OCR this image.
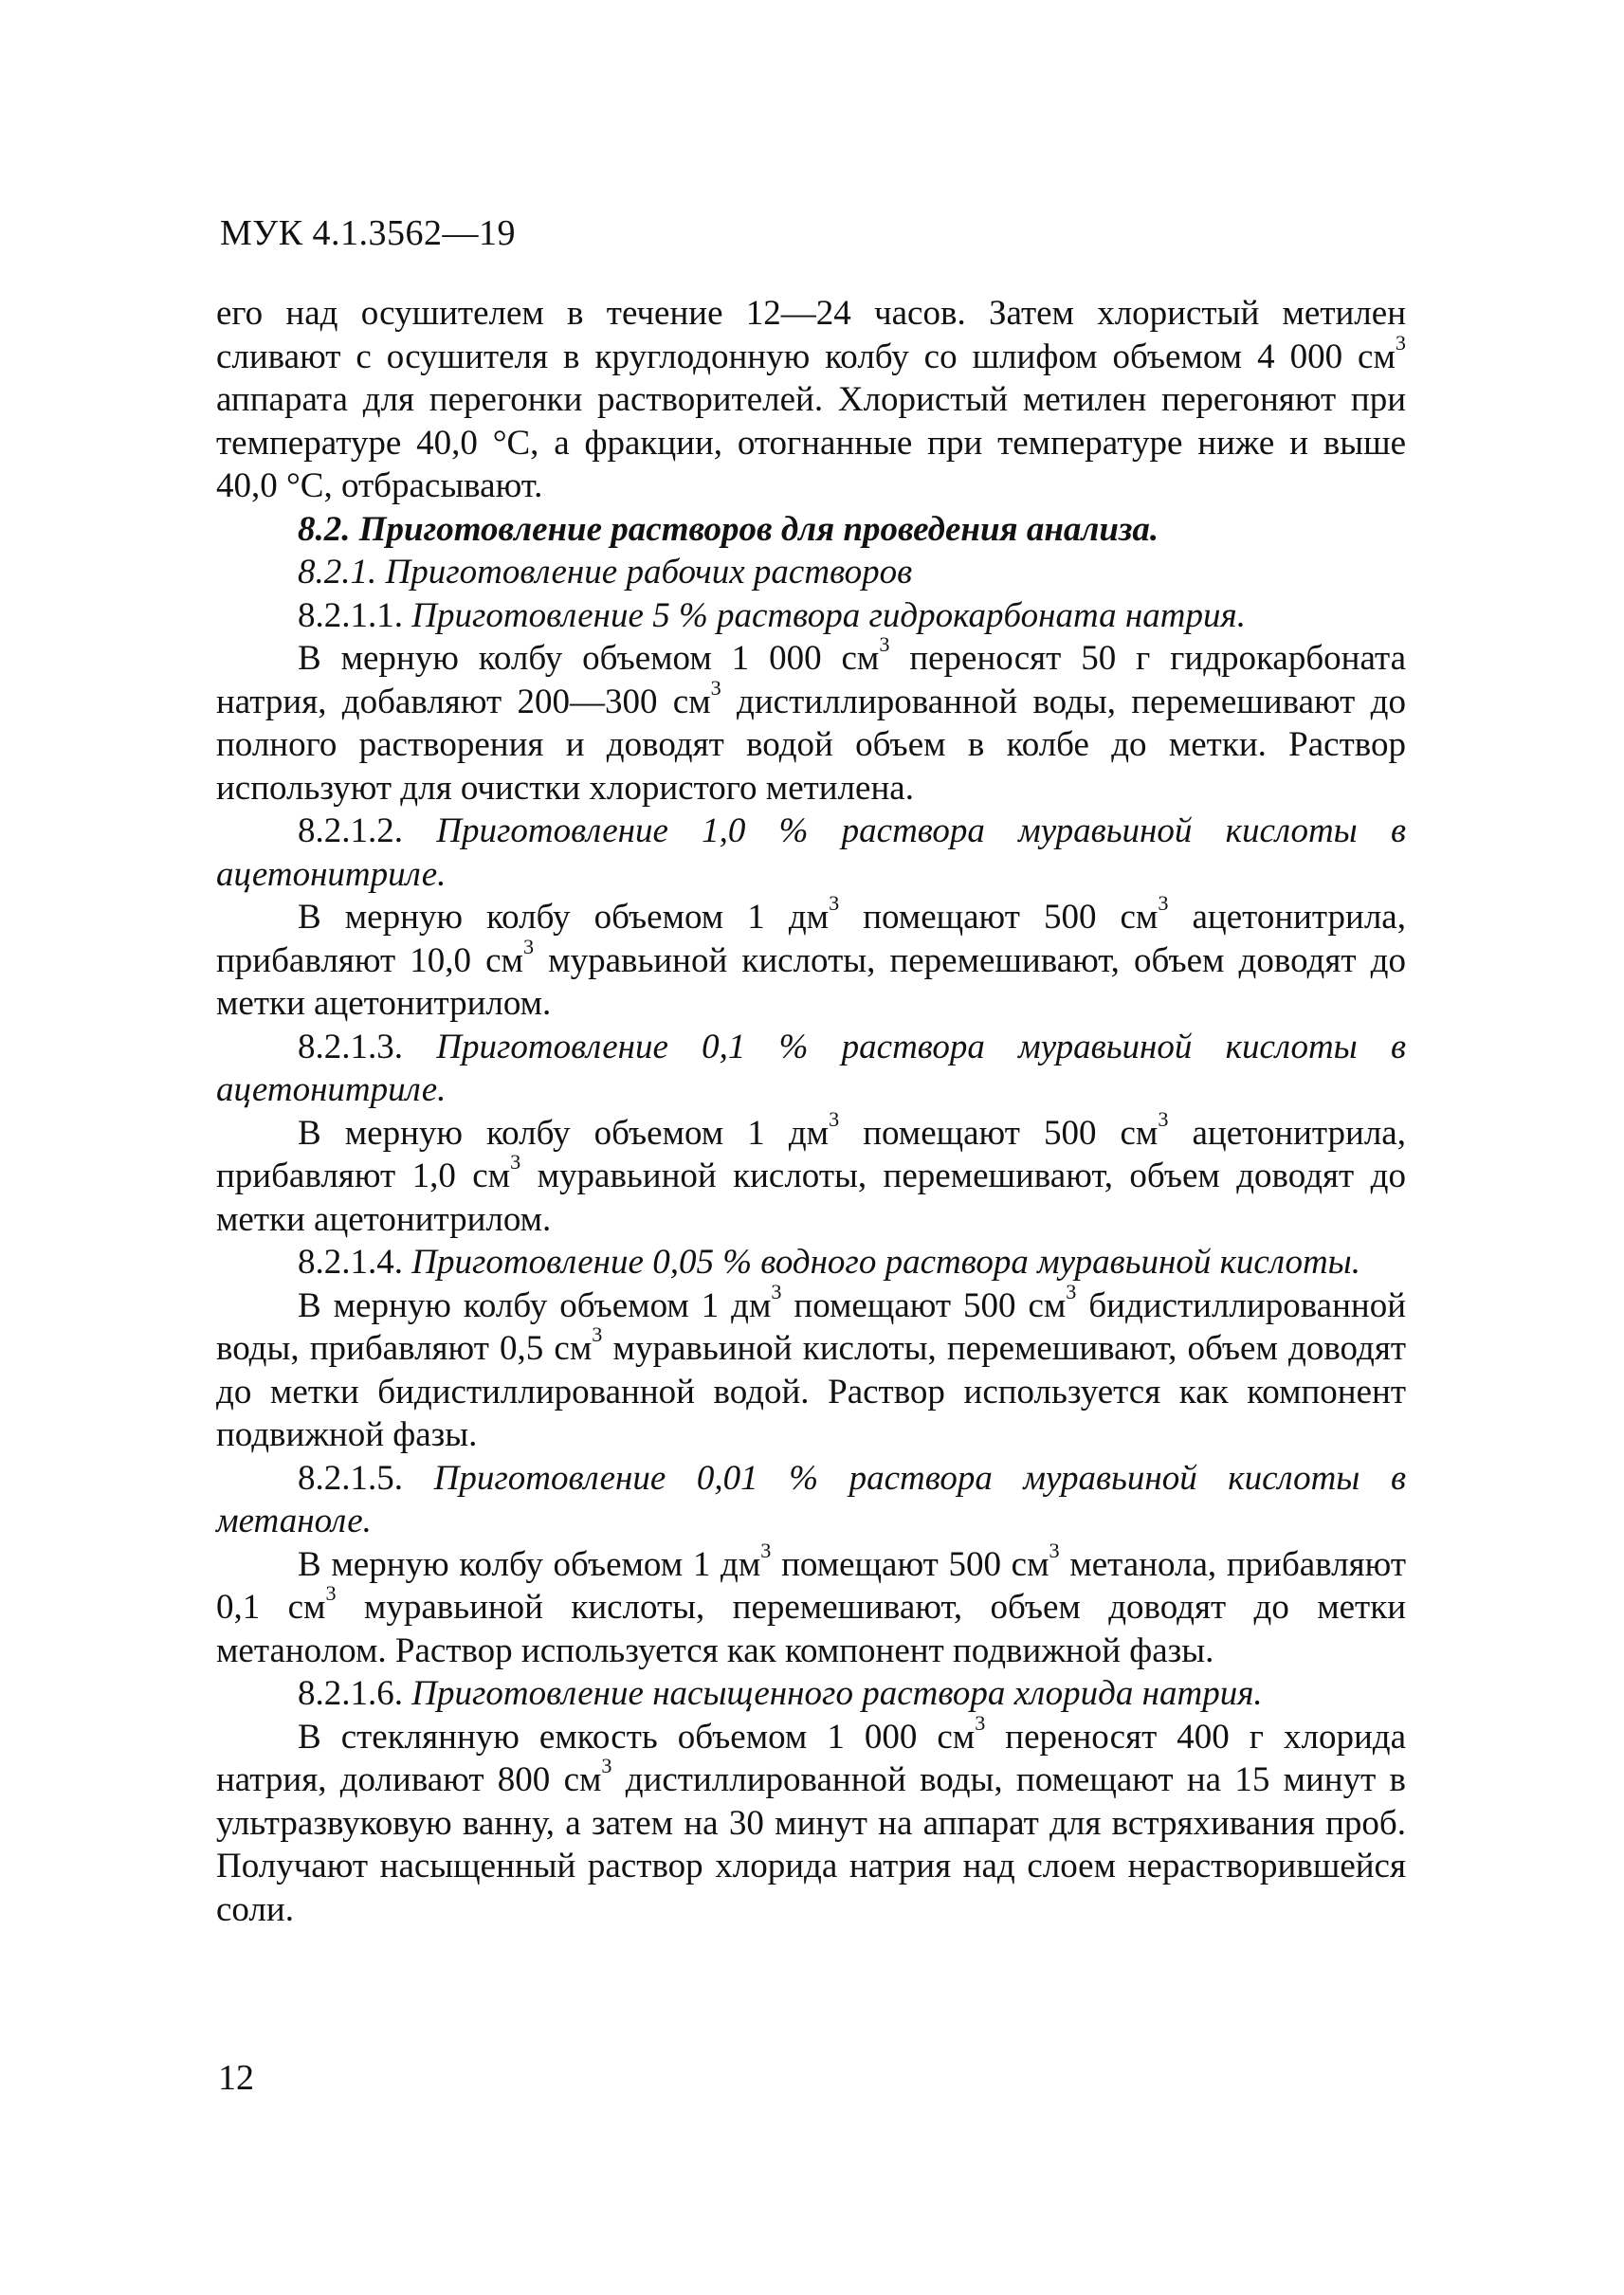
МУК 4.1.3562—19

его над осушителем в течение 12—24 часов. Затем хлористый метилен сливают с осушителя в круглодонную колбу со шлифом объемом 4 000 $см^3$ аппарата для перегонки растворителей. Хлористый метилен перегоняют при температуре 40,0 °С, а фракции, отогнанные при температуре ниже и выше 40,0 °С, отбрасывают.

8.2. Приготовление растворов для проведения анализа.

8.2.1. Приготовление рабочих растворов

8.2.1.1. Приготовление 5 % раствора гидрокарбоната натрия.

В мерную колбу объемом 1 000 $см^3$ переносят 50 г гидрокарбоната натрия, добавляют 200—300 $см^3$ дистиллированной воды, перемешивают до полного растворения и доводят водой объем в колбе до метки. Раствор используют для очистки хлористого метилена.

8.2.1.2. Приготовление 1,0 % раствора муравьиной кислоты в ацетонитриле.

В мерную колбу объемом 1 $дм^3$ помещают 500 $см^3$ ацетонитрила, прибавляют 10,0 $см^3$ муравьиной кислоты, перемешивают, объем доводят до метки ацетонитрилом.

8.2.1.3. Приготовление 0,1 % раствора муравьиной кислоты в ацетонитриле.

В мерную колбу объемом 1 $дм^3$ помещают 500 $см^3$ ацетонитрила, прибавляют 1,0 $см^3$ муравьиной кислоты, перемешивают, объем доводят до метки ацетонитрилом.

8.2.1.4. Приготовление 0,05 % водного раствора муравьиной кислоты.

В мерную колбу объемом 1 $дм^3$ помещают 500 $см^3$ бидистиллированной воды, прибавляют 0,5 $см^3$ муравьиной кислоты, перемешивают, объем доводят до метки бидистиллированной водой. Раствор используется как компонент подвижной фазы.

8.2.1.5. Приготовление 0,01 % раствора муравьиной кислоты в метаноле.

В мерную колбу объемом 1 $дм^3$ помещают 500 $см^3$ метанола, прибавляют 0,1 $см^3$ муравьиной кислоты, перемешивают, объем доводят до метки метанолом. Раствор используется как компонент подвижной фазы.

8.2.1.6. Приготовление насыщенного раствора хлорида натрия.

В стеклянную емкость объемом 1 000 $см^3$ переносят 400 г хлорида натрия, доливают 800 $см^3$ дистиллированной воды, помещают на 15 минут в ультразвуковую ванну, а затем на 30 минут на аппарат для встряхивания проб. Получают насыщенный раствор хлорида натрия над слоем нерастворившейся соли.

12
